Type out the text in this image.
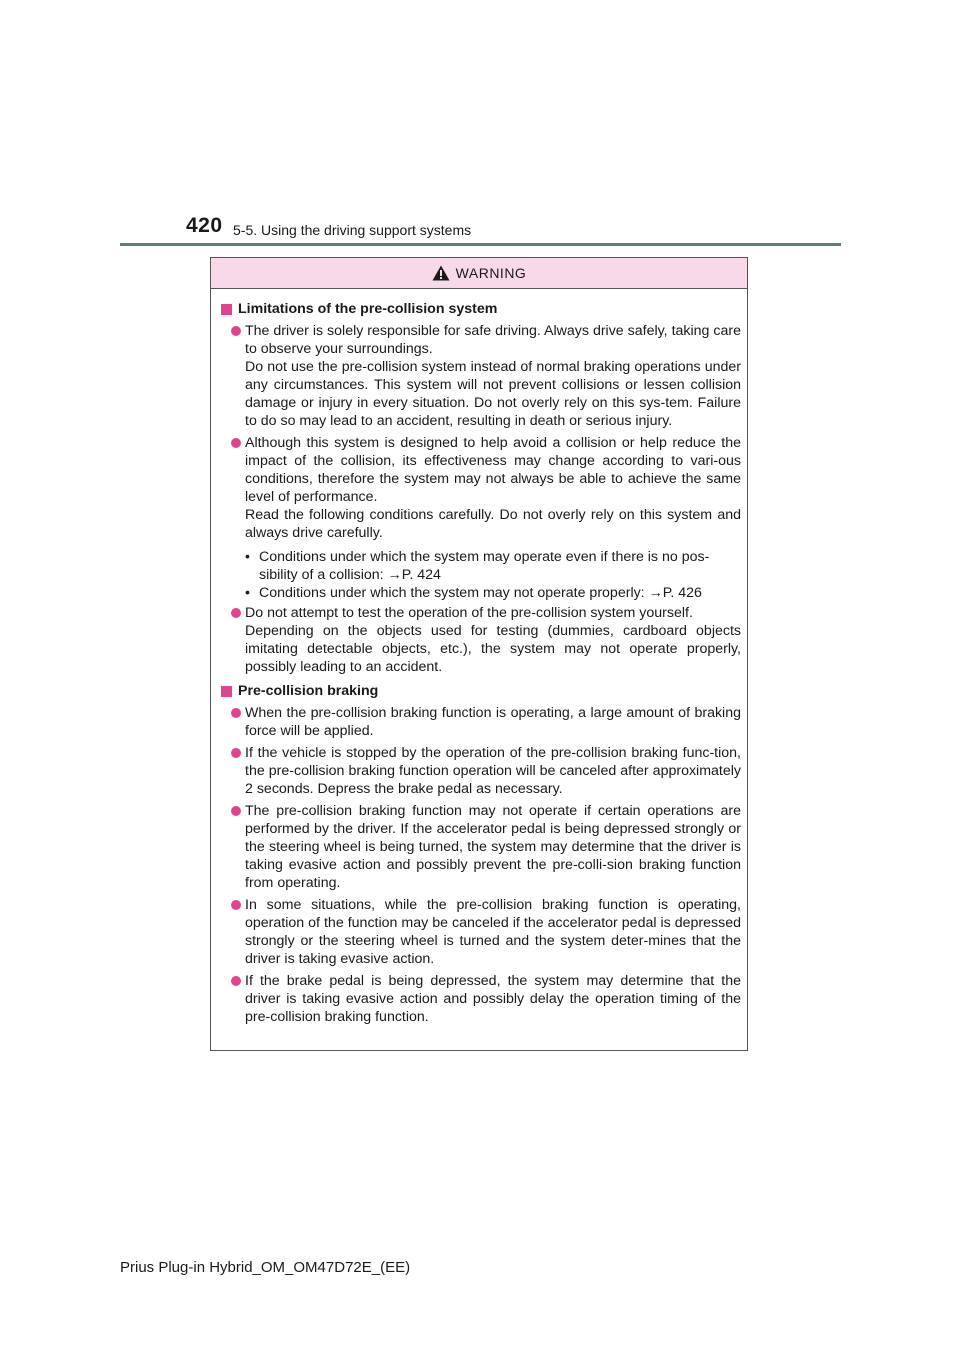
420 5-5. Using the driving support systems
WARNING
Limitations of the pre-collision system

The driver is solely responsible for safe driving. Always drive safely, taking care to observe your surroundings.

Do not use the pre-collision system instead of normal braking operations under any circumstances. This system will not prevent collisions or lessen collision damage or injury in every situation. Do not overly rely on this sys-tem. Failure to do so may lead to an accident, resulting in death or serious injury.

Although this system is designed to help avoid a collision or help reduce the impact of the collision, its effectiveness may change according to vari-ous conditions, therefore the system may not always be able to achieve the same level of performance.

Read the following conditions carefully. Do not overly rely on this system and always drive carefully.

• Conditions under which the system may operate even if there is no pos-sibility of a collision: →P. 424
• Conditions under which the system may not operate properly: →P. 426

Do not attempt to test the operation of the pre-collision system yourself.

Depending on the objects used for testing (dummies, cardboard objects imitating detectable objects, etc.), the system may not operate properly, possibly leading to an accident.

Pre-collision braking

When the pre-collision braking function is operating, a large amount of braking force will be applied.

If the vehicle is stopped by the operation of the pre-collision braking func-tion, the pre-collision braking function operation will be canceled after approximately 2 seconds. Depress the brake pedal as necessary.

The pre-collision braking function may not operate if certain operations are performed by the driver. If the accelerator pedal is being depressed strongly or the steering wheel is being turned, the system may determine that the driver is taking evasive action and possibly prevent the pre-colli-sion braking function from operating.

In some situations, while the pre-collision braking function is operating, operation of the function may be canceled if the accelerator pedal is depressed strongly or the steering wheel is turned and the system deter-mines that the driver is taking evasive action.

If the brake pedal is being depressed, the system may determine that the driver is taking evasive action and possibly delay the operation timing of the pre-collision braking function.

Prius Plug-in Hybrid_OM_OM47D72E_(EE)
